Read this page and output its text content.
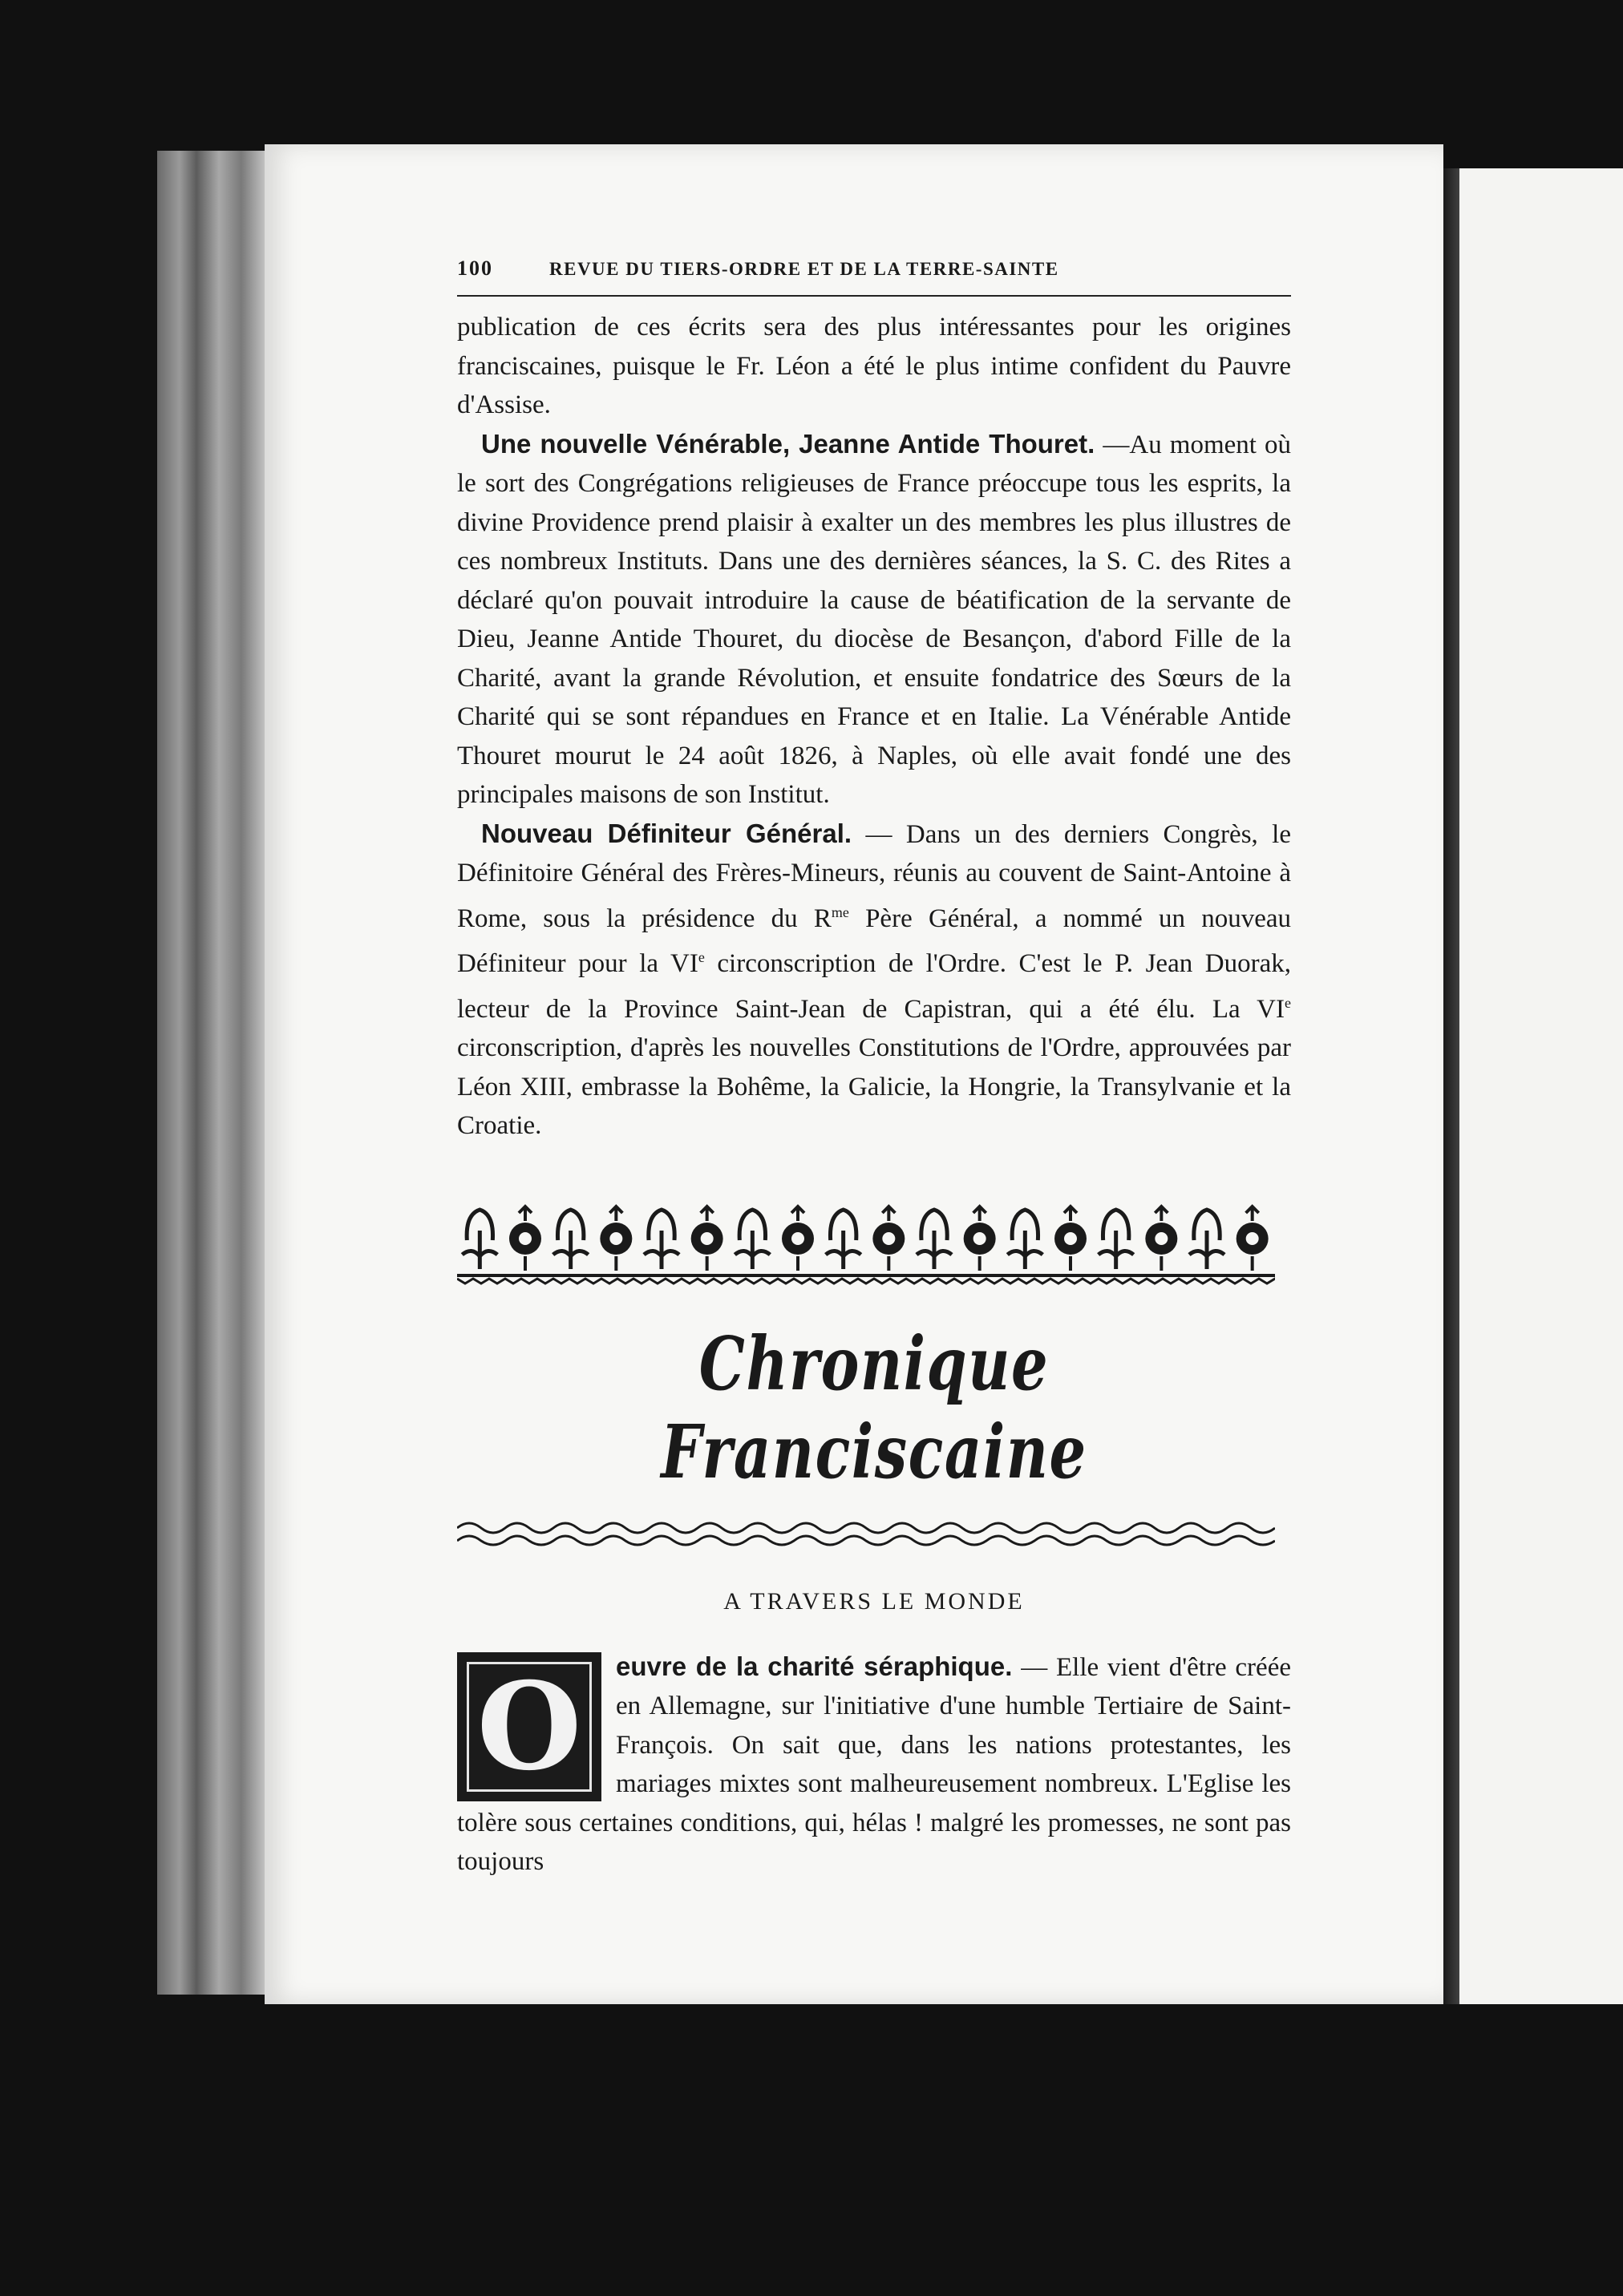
100	REVUE DU TIERS-ORDRE ET DE LA TERRE-SAINTE

publication de ces écrits sera des plus intéressantes pour les origines franciscaines, puisque le Fr. Léon a été le plus intime confident du Pauvre d'Assise.

Une nouvelle Vénérable, Jeanne Antide Thouret. —Au moment où le sort des Congrégations religieuses de France préoccupe tous les esprits, la divine Providence prend plaisir à exalter un des membres les plus illustres de ces nombreux Instituts. Dans une des dernières séances, la S. C. des Rites a déclaré qu'on pouvait introduire la cause de béatification de la servante de Dieu, Jeanne Antide Thouret, du diocèse de Besançon, d'abord Fille de la Charité, avant la grande Révolution, et ensuite fondatrice des Sœurs de la Charité qui se sont répandues en France et en Italie. La Vénérable Antide Thouret mourut le 24 août 1826, à Naples, où elle avait fondé une des principales maisons de son Institut.

Nouveau Définiteur Général. — Dans un des derniers Congrès, le Définitoire Général des Frères-Mineurs, réunis au couvent de Saint-Antoine à Rome, sous la présidence du $R^{me}$ Père Général, a nommé un nouveau Définiteur pour la VIe circonscription de l'Ordre. C'est le P. Jean Duorak, lecteur de la Province Saint-Jean de Capistran, qui a été élu. La VIe circonscription, d'après les nouvelles Constitutions de l'Ordre, approuvées par Léon XIII, embrasse la Bohême, la Galicie, la Hongrie, la Transylvanie et la Croatie.

Chronique Franciscaine
A TRAVERS LE MONDE
O	euvre de la charité séraphique. — Elle vient d'être créée en Allemagne, sur l'initiative d'une humble Tertiaire de Saint-François. On sait que, dans les nations protestantes, les mariages mixtes sont malheureusement nombreux. L'Eglise les tolère sous certaines conditions, qui, hélas ! malgré les promesses, ne sont pas toujours
